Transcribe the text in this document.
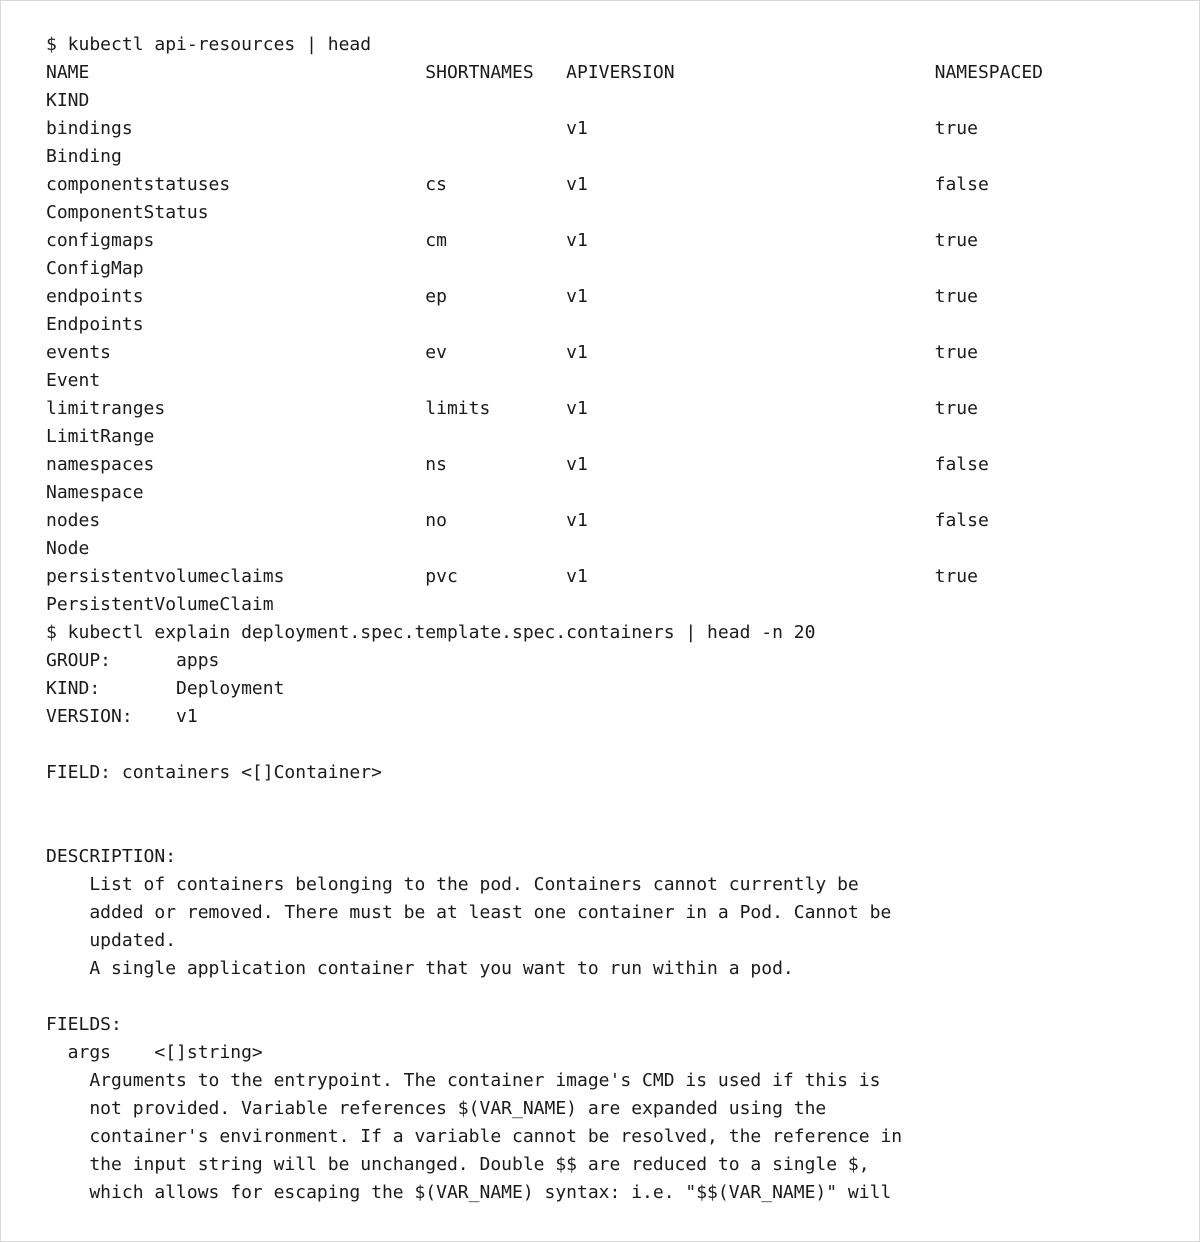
$ kubectl api-resources | head
NAME                               SHORTNAMES   APIVERSION                        NAMESPACED
KIND
bindings                                        v1                                true
Binding
componentstatuses                  cs           v1                                false
ComponentStatus
configmaps                         cm           v1                                true
ConfigMap
endpoints                          ep           v1                                true
Endpoints
events                             ev           v1                                true
Event
limitranges                        limits       v1                                true
LimitRange
namespaces                         ns           v1                                false
Namespace
nodes                              no           v1                                false
Node
persistentvolumeclaims             pvc          v1                                true
PersistentVolumeClaim
$ kubectl explain deployment.spec.template.spec.containers | head -n 20
GROUP:      apps
KIND:       Deployment
VERSION:    v1
FIELD: containers <[]Container>
DESCRIPTION:
List of containers belonging to the pod. Containers cannot currently be
added or removed. There must be at least one container in a Pod. Cannot be
updated.
A single application container that you want to run within a pod.
FIELDS:
args    <[]string>
Arguments to the entrypoint. The container image's CMD is used if this is
not provided. Variable references $(VAR_NAME) are expanded using the
container's environment. If a variable cannot be resolved, the reference in
the input string will be unchanged. Double $$ are reduced to a single $,
which allows for escaping the $(VAR_NAME) syntax: i.e. "$$(VAR_NAME)" will
